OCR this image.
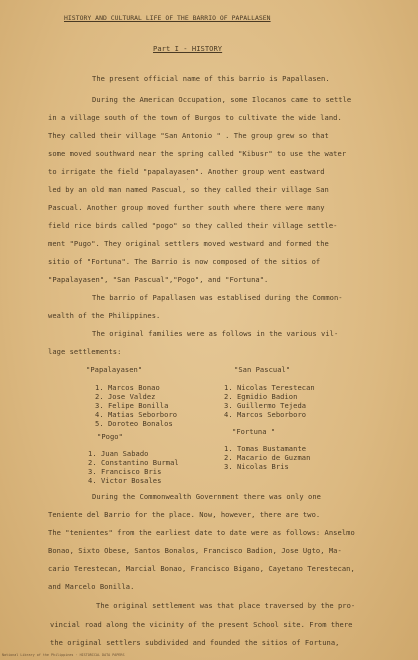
HISTORY AND CULTURAL LIFE OF THE BARRIO OF PAPALLASEN
Part I - HISTORY
The present official name of this barrio is Papallasen.
During the American Occupation, some Ilocanos came to settle
in a village south of the town of Burgos to cultivate the wide land.
They called their village "San Antonio " . The group grew so that
some moved southward near the spring called "Kibusr" to use the water
to irrigate the field "papalayasen". Another group went eastward
·
led by an old man named Pascual, so they called their village San
Pascual. Another group moved further south where there were many
field rice birds called "pogo" so they called their village settle-
ment "Pugo". They original settlers moved westward and formed the
sitio of "Fortuna". The Barrio is now composed of the sitios of
"Papalayasen", "San Pascual","Pogo", and "Fortuna".
The barrio of Papallasen was establised during the Common-
wealth of the Philippines.
The original families were as follows in the various vil-
lage settlements:
"Papalayasen"
1. Marcos Bonao
2. Jose Valdez
3. Felipe Bonilla
4. Matias Seborboro
5. Doroteo Bonalos
"San Pascual"
1. Nicolas Terestecan
2. Egmidio Badion
3. Guillermo Tejeda
4. Marcos Seborboro
"Pogo"
1. Juan Sabado
2. Constantino Burmal
3. Francisco Bris
4. Victor Bosales
"Fortuna "
1. Tomas Bustamante
2. Macario de Guzman
3. Nicolas Bris
During the Commonwealth Government there was only one
Teniente del Barrio for the place. Now, however, there are two.
The "tenientes" from the earliest date to date were as follows: Anselmo
Bonao, Sixto Obese, Santos Bonalos, Francisco Badion, Jose Ugto, Ma-
cario Terestecan, Marcial Bonao, Francisco Bigano, Cayetano Terestecan,
and Marcelo Bonilla.
The original settlement was that place traversed by the pro-
vincial road along the vicinity of the present School site. From there
the original settlers subdivided and founded the sitios of Fortuna,
National Library of the Philippines · HISTORICAL DATA PAPERS
